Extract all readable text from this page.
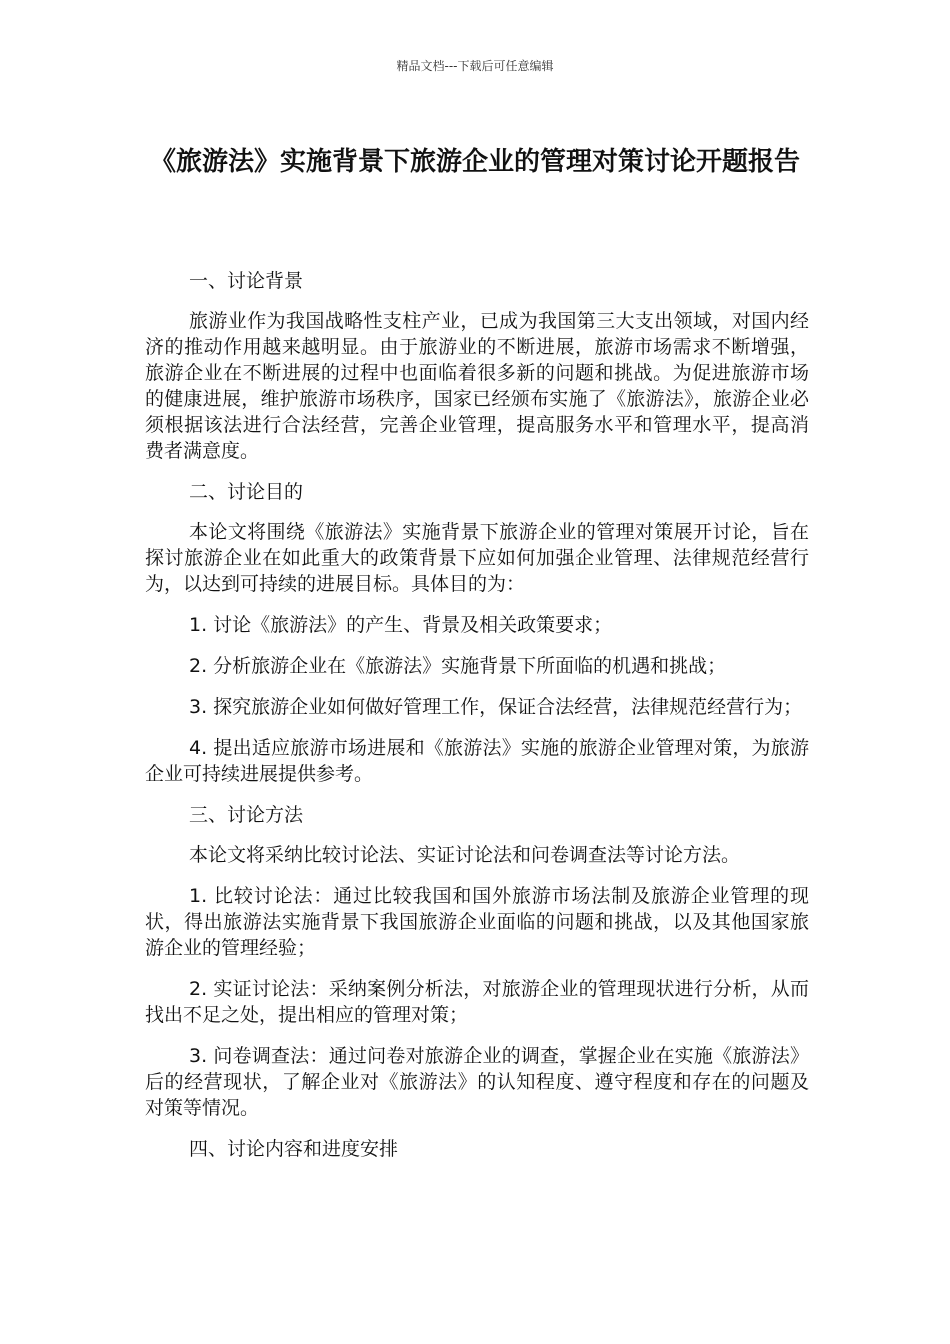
精品文档---下载后可任意编辑
《旅游法》实施背景下旅游企业的管理对策讨论开题报告

一、讨论背景

旅游业作为我国战略性支柱产业，已成为我国第三大支出领域，对国内经济的推动作用越来越明显。由于旅游业的不断进展，旅游市场需求不断增强，旅游企业在不断进展的过程中也面临着很多新的问题和挑战。为促进旅游市场的健康进展，维护旅游市场秩序，国家已经颁布实施了《旅游法》，旅游企业必须根据该法进行合法经营，完善企业管理，提高服务水平和管理水平，提高消费者满意度。

二、讨论目的

本论文将围绕《旅游法》实施背景下旅游企业的管理对策展开讨论，旨在探讨旅游企业在如此重大的政策背景下应如何加强企业管理、法律规范经营行为，以达到可持续的进展目标。具体目的为：

1. 讨论《旅游法》的产生、背景及相关政策要求；

2. 分析旅游企业在《旅游法》实施背景下所面临的机遇和挑战；

3. 探究旅游企业如何做好管理工作，保证合法经营，法律规范经营行为；

4. 提出适应旅游市场进展和《旅游法》实施的旅游企业管理对策，为旅游企业可持续进展提供参考。

三、讨论方法

本论文将采纳比较讨论法、实证讨论法和问卷调查法等讨论方法。

1. 比较讨论法：通过比较我国和国外旅游市场法制及旅游企业管理的现状，得出旅游法实施背景下我国旅游企业面临的问题和挑战，以及其他国家旅游企业的管理经验；

2. 实证讨论法：采纳案例分析法，对旅游企业的管理现状进行分析，从而找出不足之处，提出相应的管理对策；

3. 问卷调查法：通过问卷对旅游企业的调查，掌握企业在实施《旅游法》后的经营现状，了解企业对《旅游法》的认知程度、遵守程度和存在的问题及对策等情况。

四、讨论内容和进度安排
